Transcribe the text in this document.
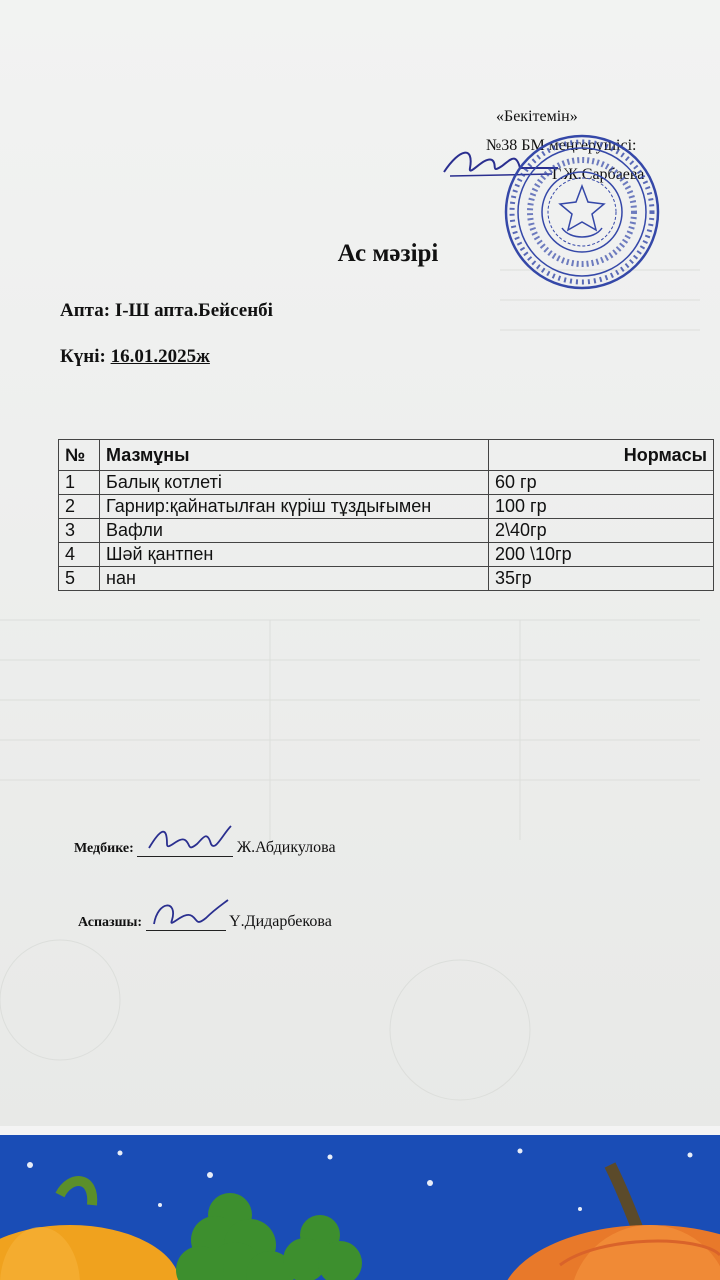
«Бекітемін»
№38 БМ меңгерушісі:
Г.Ж.Сарбаева
Ас мәзірі
Апта: I-Ш апта.Бейсенбі
Күні: 16.01.2025ж
№	Мазмұны	Нормасы
1	Балық котлеті	60 гр
2	Гарнир:қайнатылған күріш тұздығымен	100 гр
3	Вафли	2\40гр
4	Шәй қантпен	200 \10гр
5	нан	35гр
Медбике:	Ж.Абдикулова
Аспазшы:	Ү.Дидарбекова
